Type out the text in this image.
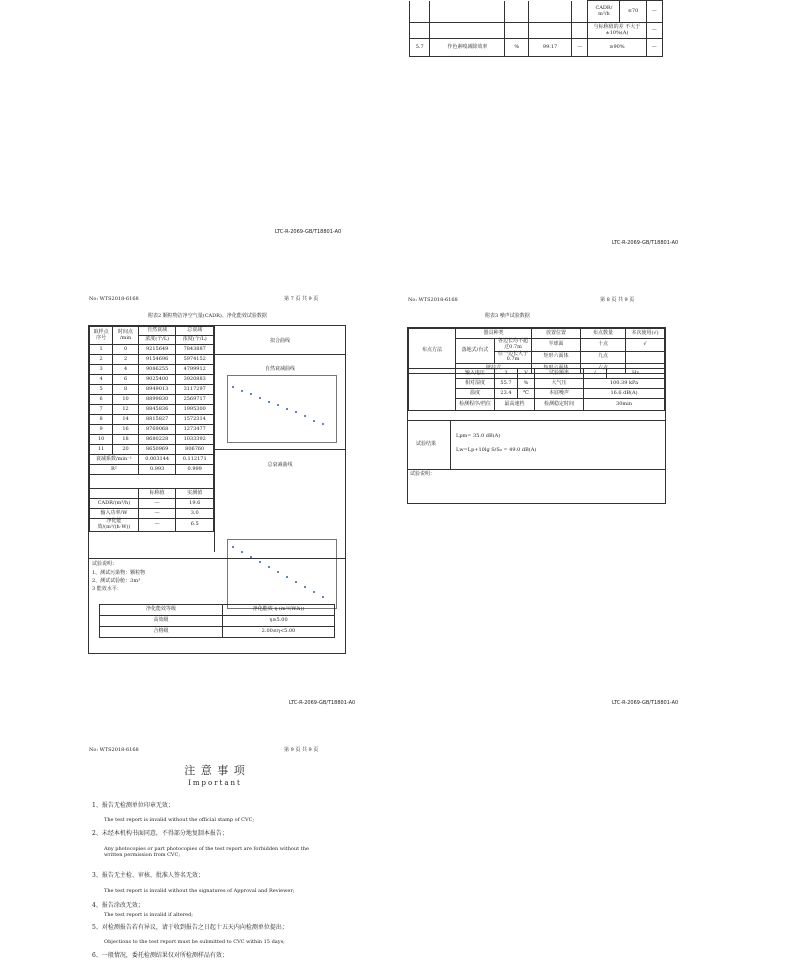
					CADR/ m³/h	≤70	—
					与标称值的差 不大于±10%(A)		—
5.7	作色素嗅减除效率	%	99.17	—	≥90%		—
LTC-R-2069-GB/T18801-A0
LTC-R-2069-GB/T18801-A0
No: WTS2018-6168	第 7 页 共 9 页
附表2 颗粒物洁净空气量(CADR)、净化能效试验数据
取样点序号	时间点 /min	自然衰减	总衰减
		浓度(个/L)	浓度(个/L)
1	0	9215649	7843887
2	2	9154696	5974152
3	4	9086255	4799912
4	6	9025400	3920883
5	8	8949013	3117297
6	10	8899830	2569717
7	12	8845836	1995300
8	14	8815827	1572314
9	16	8769068	1273477
10	18	8680228	1033392
11	20	8650969	806760
衰减系数/min⁻¹		0.003144	0.112171
R²		0.993	0.999

		标称值	实测值
CADR/(m³/h)		—	19.6
输入功率/W		—	3.0
净化能效/(m³/(h·W))		—	6.5
拟合曲线
自然衰减曲线
总衰减曲线
试验说明：
1、测试污染物：颗粒物
2、测试试验舱：3m³
3 能效水平：
净化能效等级	净化能效 η (m³/(W.h))
高效级	η≥5.00
合格级	2.00≤η<5.00
LTC-R-2069-GB/T18801-A0
No: WTS2018-6168	第 8 页 共 9 页
附表3 噪声试验数据
布点方法	器具种类		放置位置	布点数量	本次使用(√)
	落地式/台式	各边长均不超过0.7m	半球面	十点	√
		任一边长大于0.7m	矩形六面体	九点	
	壁挂式		矩形六面体	六点	
	输入电压	3	V	试验频率	/	Hz
	相对湿度	55.7	%	大气压	100.39 kPa	
	温度	23.4	℃	本底噪声	16.6 dB(A)	
	检测程序/档位	最高速档		检测稳定时间	30min	
试验结果
Lpm= 35.0 dB(A)
Lw=Lp+10lg S/S₀ = 49.0 dB(A)
试验说明：
LTC-R-2069-GB/T18801-A0
No: WTS2018-6168	第 9 页 共 9 页
注 意 事 项
Important
1、报告无检测单位印章无效；
The test report is invalid without the official stamp of CVC;
2、未经本机构书面同意，不得部分地复制本报告；
Any photocopies or part photocopies of the test report are forbidden without the written permission from CVC;
3、报告无主检、审核、批准人签名无效；
The test report is invalid without the signatures of Approval and Reviewer;
4、报告涂改无效；
The test report is invalid if altered;
5、对检测报告若有异议，请于收到报告之日起十五天内向检测单位提出；
Objections to the test report must be submitted to CVC within 15 days;
6、一般情况，委托检测结果仅对所检测样品有效；
